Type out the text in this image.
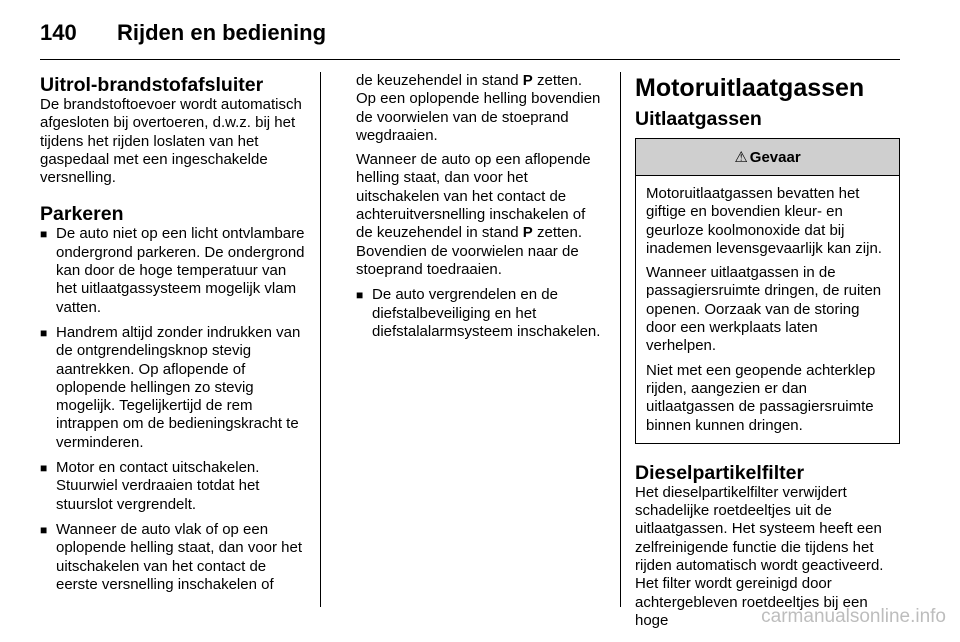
140 Rijden en bediening
Uitrol-brandstofafsluiter

De brandstoftoevoer wordt automatisch afgesloten bij overtoeren, d.w.z. bij het tijdens het rijden loslaten van het gaspedaal met een ingeschakelde versnelling.

Parkeren
■ De auto niet op een licht ontvlambare ondergrond parkeren. De ondergrond kan door de hoge temperatuur van het uitlaatgassysteem mogelijk vlam vatten.
■ Handrem altijd zonder indrukken van de ontgrendelingsknop stevig aantrekken. Op aflopende of oplopende hellingen zo stevig mogelijk. Tegelijkertijd de rem intrappen om de bedieningskracht te verminderen.
■ Motor en contact uitschakelen. Stuurwiel verdraaien totdat het stuurslot vergrendelt.
■ Wanneer de auto vlak of op een oplopende helling staat, dan voor het uitschakelen van het contact de eerste versnelling inschakelen of

de keuzehendel in stand P zetten. Op een oplopende helling bovendien de voorwielen van de stoeprand wegdraaien.

Wanneer de auto op een aflopende helling staat, dan voor het uitschakelen van het contact de achteruitversnelling inschakelen of de keuzehendel in stand P zetten. Bovendien de voorwielen naar de stoeprand toedraaien.

■ De auto vergrendelen en de diefstalbeveiliging en het diefstalalarmsysteem inschakelen.
Motoruitlaatgassen
Uitlaatgassen
⚠ Gevaar

Motoruitlaatgassen bevatten het giftige en bovendien kleur- en geurloze koolmonoxide dat bij inademen levensgevaarlijk kan zijn.

Wanneer uitlaatgassen in de passagiersruimte dringen, de ruiten openen. Oorzaak van de storing door een werkplaats laten verhelpen.

Niet met een geopende achterklep rijden, aangezien er dan uitlaatgassen de passagiersruimte binnen kunnen dringen.

Dieselpartikelfilter

Het dieselpartikelfilter verwijdert schadelijke roetdeeltjes uit de uitlaatgassen. Het systeem heeft een zelfreinigende functie die tijdens het rijden automatisch wordt geactiveerd. Het filter wordt gereinigd door achtergebleven roetdeeltjes bij een hoge	carmanualsonline.info
